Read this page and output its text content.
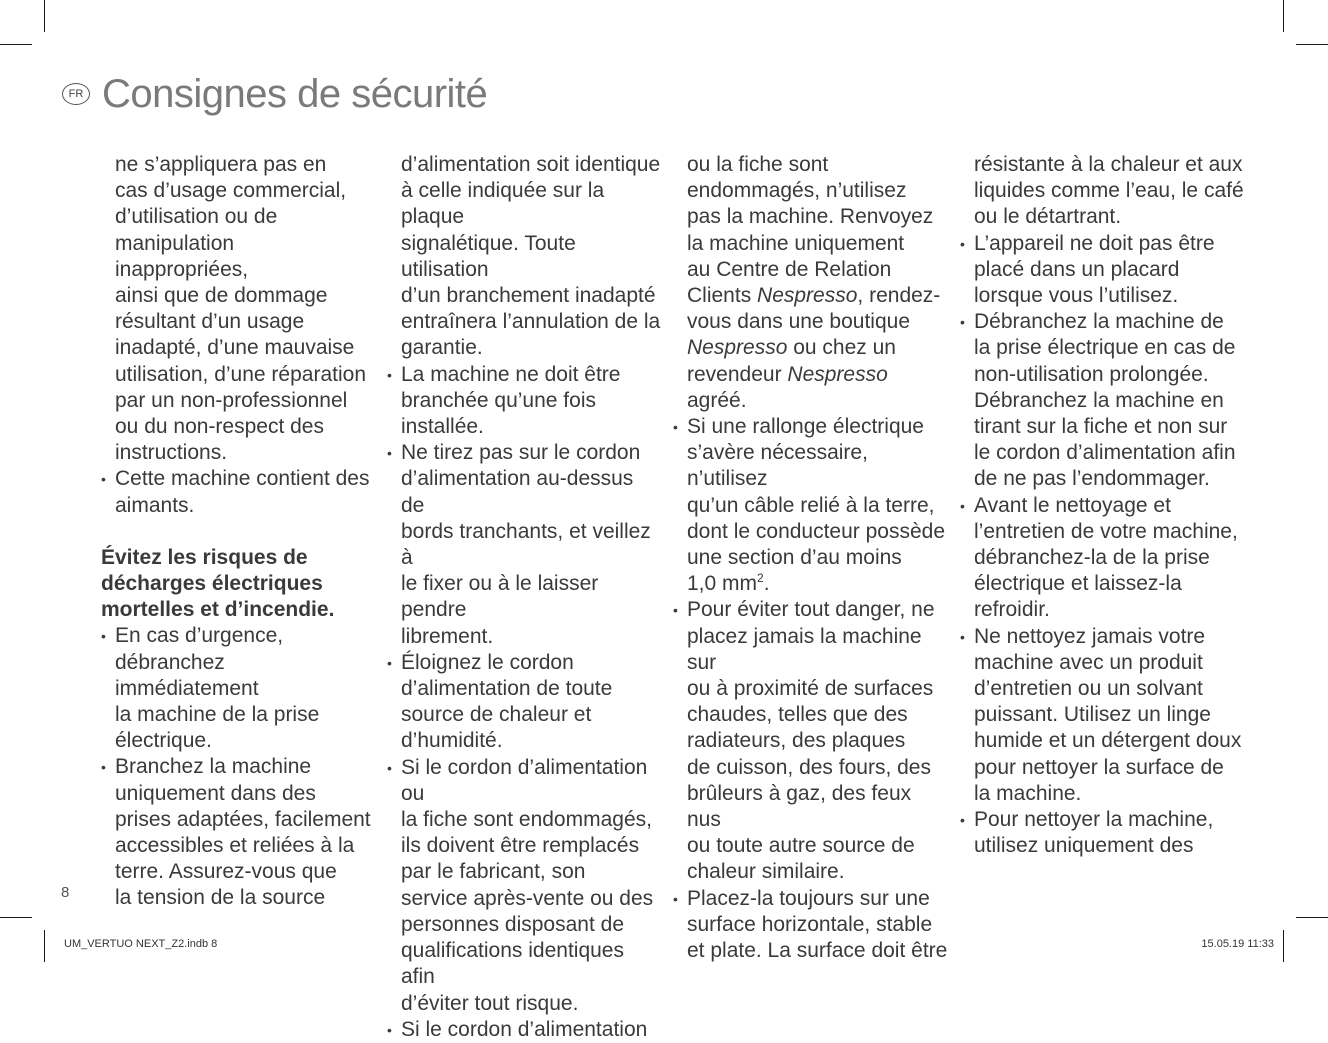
FR Consignes de sécurité

ne s’appliquera pas en

cas d’usage commercial,

d’utilisation ou de

manipulation inappropriées,

ainsi que de dommage

résultant d’un usage

inadapté, d’une mauvaise

utilisation, d’une réparation

par un non-professionnel

ou du non-respect des

instructions.

• Cette machine contient des

aimants.

Évitez les risques de

décharges électriques

mortelles et d’incendie.

• En cas d’urgence,

débranchez immédiatement

la machine de la prise

électrique.

• Branchez la machine

uniquement dans des

prises adaptées, facilement

accessibles et reliées à la

terre. Assurez-vous que

la tension de la source

d’alimentation soit identique

à celle indiquée sur la plaque

signalétique. Toute utilisation

d’un branchement inadapté

entraînera l’annulation de la

garantie.

• La machine ne doit être

branchée qu’une fois

installée.

• Ne tirez pas sur le cordon

d’alimentation au-dessus de

bords tranchants, et veillez à

le fixer ou à le laisser pendre

librement.

• Éloignez le cordon

d’alimentation de toute

source de chaleur et

d’humidité.

• Si le cordon d’alimentation ou

la fiche sont endommagés,

ils doivent être remplacés

par le fabricant, son

service après-vente ou des

personnes disposant de

qualifications identiques afin

d’éviter tout risque.

• Si le cordon d’alimentation

ou la fiche sont

endommagés, n’utilisez

pas la machine. Renvoyez

la machine uniquement

au Centre de Relation

Clients Nespresso, rendez-

vous dans une boutique

Nespresso ou chez un

revendeur Nespresso agréé.

• Si une rallonge électrique

s’avère nécessaire, n’utilisez

qu’un câble relié à la terre,

dont le conducteur possède

une section d’au moins

1,0 $mm^2$.

• Pour éviter tout danger, ne

placez jamais la machine sur

ou à proximité de surfaces

chaudes, telles que des

radiateurs, des plaques

de cuisson, des fours, des

brûleurs à gaz, des feux nus

ou toute autre source de

chaleur similaire.

• Placez-la toujours sur une

surface horizontale, stable

et plate. La surface doit être

résistante à la chaleur et aux

liquides comme l’eau, le café

ou le détartrant.

• L’appareil ne doit pas être

placé dans un placard

lorsque vous l’utilisez.

• Débranchez la machine de

la prise électrique en cas de

non-utilisation prolongée.

Débranchez la machine en

tirant sur la fiche et non sur

le cordon d’alimentation afin

de ne pas l’endommager.

• Avant le nettoyage et

l’entretien de votre machine,

débranchez-la de la prise

électrique et laissez-la

refroidir.

• Ne nettoyez jamais votre

machine avec un produit

d’entretien ou un solvant

puissant. Utilisez un linge

humide et un détergent doux

pour nettoyer la surface de

la machine.

• Pour nettoyer la machine,

utilisez uniquement des

8
UM_VERTUO NEXT_Z2.indb 8	15.05.19 11:33
